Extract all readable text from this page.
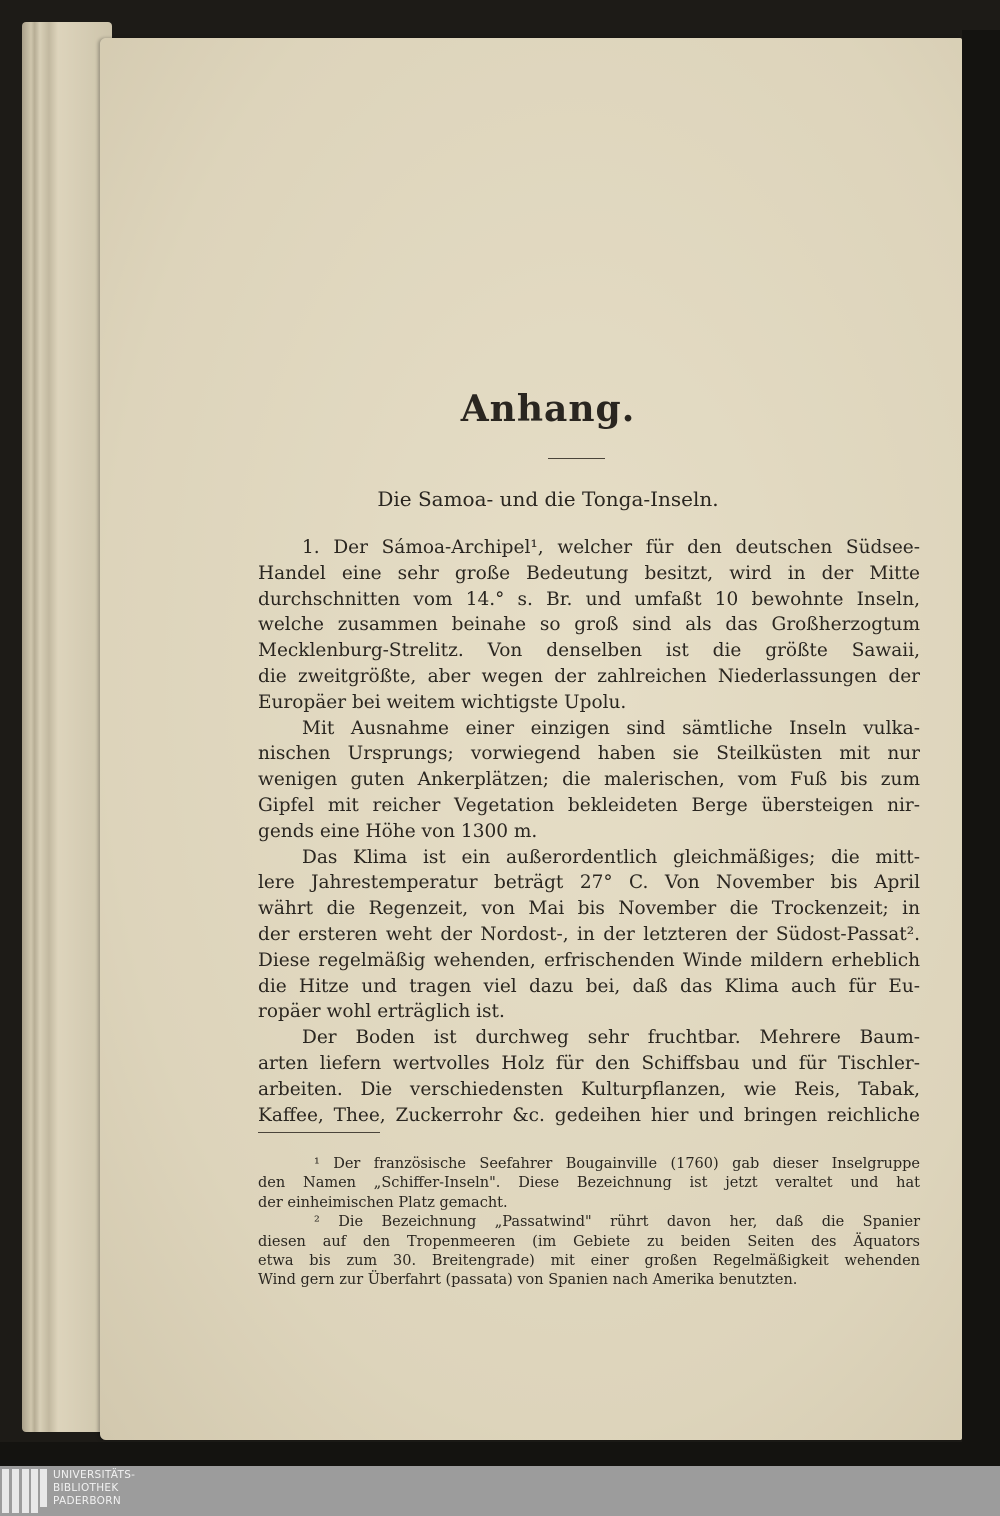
Anhang.
Die Samoa- und die Tonga-Inseln.
1. Der Sámoa-Archipel¹, welcher für den deutschen Südsee-
Handel eine sehr große Bedeutung besitzt, wird in der Mitte
durchschnitten vom 14.° s. Br. und umfaßt 10 bewohnte Inseln,
welche zusammen beinahe so groß sind als das Großherzogtum
Mecklenburg-Strelitz. Von denselben ist die größte Sawaii,
die zweitgrößte, aber wegen der zahlreichen Niederlassungen der
Europäer bei weitem wichtigste Upolu.
Mit Ausnahme einer einzigen sind sämtliche Inseln vulka-
nischen Ursprungs; vorwiegend haben sie Steilküsten mit nur
wenigen guten Ankerplätzen; die malerischen, vom Fuß bis zum
Gipfel mit reicher Vegetation bekleideten Berge übersteigen nir-
gends eine Höhe von 1300 m.
Das Klima ist ein außerordentlich gleichmäßiges; die mitt-
lere Jahrestemperatur beträgt 27° C. Von November bis April
währt die Regenzeit, von Mai bis November die Trockenzeit; in
der ersteren weht der Nordost-, in der letzteren der Südost-Passat².
Diese regelmäßig wehenden, erfrischenden Winde mildern erheblich
die Hitze und tragen viel dazu bei, daß das Klima auch für Eu-
ropäer wohl erträglich ist.
Der Boden ist durchweg sehr fruchtbar. Mehrere Baum-
arten liefern wertvolles Holz für den Schiffsbau und für Tischler-
arbeiten. Die verschiedensten Kulturpflanzen, wie Reis, Tabak,
Kaffee, Thee, Zuckerrohr &c. gedeihen hier und bringen reichliche
¹ Der französische Seefahrer Bougainville (1760) gab dieser Inselgruppe
den Namen „Schiffer-Inseln". Diese Bezeichnung ist jetzt veraltet und hat
der einheimischen Platz gemacht.
² Die Bezeichnung „Passatwind" rührt davon her, daß die Spanier
diesen auf den Tropenmeeren (im Gebiete zu beiden Seiten des Äquators
etwa bis zum 30. Breitengrade) mit einer großen Regelmäßigkeit wehenden
Wind gern zur Überfahrt (passata) von Spanien nach Amerika benutzten.
UNIVERSITÄTS-
BIBLIOTHEK
PADERBORN
